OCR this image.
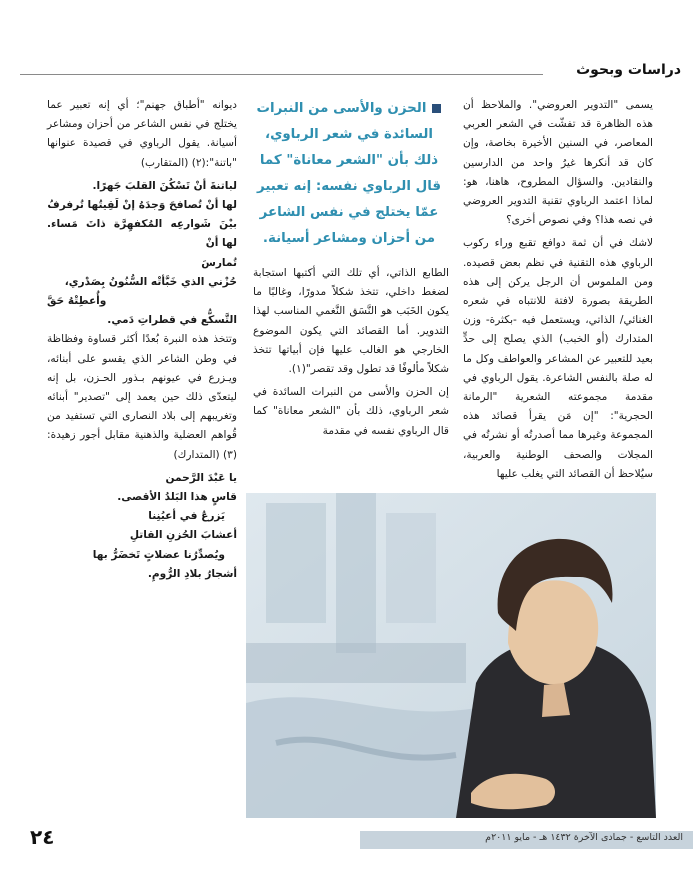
دراسات وبحوث

يسمى "التدوير العروضي". والملاحظ أن هذه الظاهرة قد تفشّت في الشعر العربي المعاصر، في السنين الأخيرة بخاصة، وإن كان قد أنكرها غيرُ واحد من الدارسين والنقادين. والسؤال المطروح، هاهنا، هو: لماذا اعتمد الرباوي تقنية التدوير العروضي في نصه هذا؟ وفي نصوص أخرى؟

لاشك في أن ثمة دوافع تقبع وراء ركوب الرباوي هذه التقنية في نظم بعض قصيده. ومن الملموس أن الرجل يركن إلى هذه الطريقة بصورة لافتة للانتباه في شعره الغنائي/ الذاتي، ويستعمل فيه -بكثرة- وزن المتدارك (أو الخبب) الذي يصلح إلى حدٍّ بعيد للتعبير عن المشاعر والعواطف وكل ما له صلة بالنفس الشاعرة. يقول الرباوي في مقدمة مجموعته الشعرية "الرمانة الحجرية": "إن مَن يقرأ قصائد هذه المجموعة وغيرها مما أصدرتُه أو نشرتُه في المجلات والصحف الوطنية والعربية، سيُلاحظ أن القصائد التي يغلب عليها

الحزن والأسى من النبرات السائدة في شعر الرباوي، ذلك بأن "الشعر معاناة" كما قال الرباوي نفسه: إنه تعبير عمّا يختلج في نفس الشاعر من أحزان ومشاعر أسيانة.

الطابع الذاتي، أي تلك التي أكتبها استجابة لضغط داخلي، تتخذ شكلاً مدورًا، وغالبًا ما يكون الخَبَب هو النَّسَق النَّغمي المناسب لهذا التدوير. أما القصائد التي يكون الموضوع الخارجي هو الغالب عليها فإن أبياتها تتخذ شكلاً مألوفًا قد تطول وقد تقصر"(١).

إن الحزن والأسى من النبرات السائدة في شعر الرباوي، ذلك بأن "الشعر معاناة" كما قال الرباوي نفسه في مقدمة

ديوانه "أطباق جهنم"؛ أي إنه تعبير عما يختلج في نفس الشاعر من أحزان ومشاعر أسيانة. يقول الرباوي في قصيدة عنوانها "باتنة":(٢) (المتقارب)

لباتنةَ أنْ تَسْكُنَ القلبَ جَهرًا.

لها أنْ تُصافحَ وَجدَهُ إنْ لَقِيتُها تُرفرفُ

بيْنَ شَوارعِه المُكفهِرَّة ذاتَ مَساء. لها أنْ

تُمارسَ

حُزْني الذي خَبَّأتْه السُّنُونُ بِصَدْري،

وأُعطِتْهُ حَقَّ

التَّسكُّع في قطراتِ دَمي.

وتتخذ هذه النبرة بُعدًا أكثر قساوة وفظاظة في وطن الشاعر الذي يقسو على أبنائه، ويـزرع في عيونهم بـذور الحـزن، بل إنه ليتعدّى ذلك حين يعمد إلى "تصدير" أبنائه وتغريبهم إلى بلاد النصارى التي تستفيد من قُواهم العضلية والذهنية مقابل أجور زهيدة:(٣) (المتدارك)

يا عَبْدَ الرَّحمن

قاسٍ هذا البَلدُ الأقصى.

يَزرعُ في أعيُنِنا

أعشابَ الحُزنِ القاتلِ

ويُصدِّرُنا عضلاتٍ تَخضَرُّ بها

أشجارُ بلادِ الرُّومِ.

العدد التاسع - جمادى الآخرة ١٤٣٢ هـ - مايو ٢٠١١م
٢٤
